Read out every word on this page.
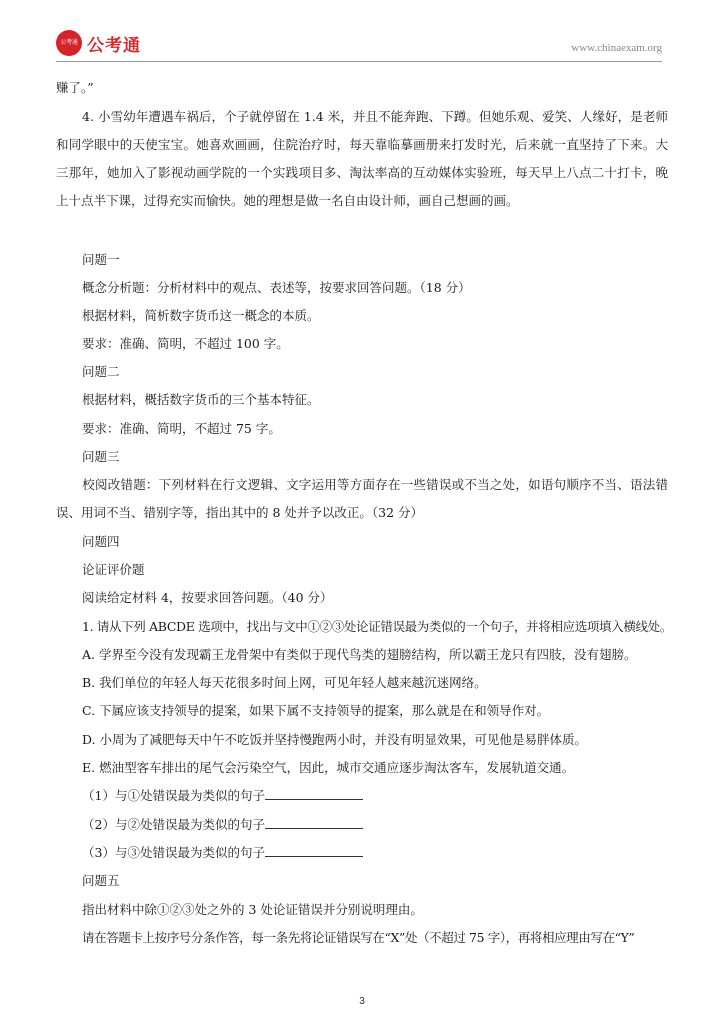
公考通 公考通	www.chinaexam.org
赚了。”
4. 小雪幼年遭遇车祸后，个子就停留在 1.4 米，并且不能奔跑、下蹲。但她乐观、爱笑、人缘好，是老师和同学眼中的天使宝宝。她喜欢画画，住院治疗时，每天靠临摹画册来打发时光，后来就一直坚持了下来。大三那年，她加入了影视动画学院的一个实践项目多、淘汰率高的互动媒体实验班，每天早上八点二十打卡，晚上十点半下课，过得充实而愉快。她的理想是做一名自由设计师，画自己想画的画。
问题一
概念分析题：分析材料中的观点、表述等，按要求回答问题。（18 分）
根据材料，简析数字货币这一概念的本质。
要求：准确、简明，不超过 100 字。
问题二
根据材料，概括数字货币的三个基本特征。
要求：准确、简明，不超过 75 字。
问题三
校阅改错题：下列材料在行文逻辑、文字运用等方面存在一些错误或不当之处，如语句顺序不当、语法错误、用词不当、错别字等，指出其中的 8 处并予以改正。（32 分）
问题四
论证评价题
阅读给定材料 4，按要求回答问题。（40 分）
1. 请从下列 ABCDE 选项中，找出与文中①②③处论证错误最为类似的一个句子，并将相应选项填入横线处。
A. 学界至今没有发现霸王龙骨架中有类似于现代鸟类的翅膀结构，所以霸王龙只有四肢，没有翅膀。
B. 我们单位的年轻人每天花很多时间上网，可见年轻人越来越沉迷网络。
C. 下属应该支持领导的提案，如果下属不支持领导的提案，那么就是在和领导作对。
D. 小周为了减肥每天中午不吃饭并坚持慢跑两小时，并没有明显效果，可见他是易胖体质。
E. 燃油型客车排出的尾气会污染空气，因此，城市交通应逐步淘汰客车，发展轨道交通。
（1）与①处错误最为类似的句子
（2）与②处错误最为类似的句子
（3）与③处错误最为类似的句子
问题五
指出材料中除①②③处之外的 3 处论证错误并分别说明理由。
请在答题卡上按序号分条作答，每一条先将论证错误写在“X”处（不超过 75 字），再将相应理由写在“Y”
3
